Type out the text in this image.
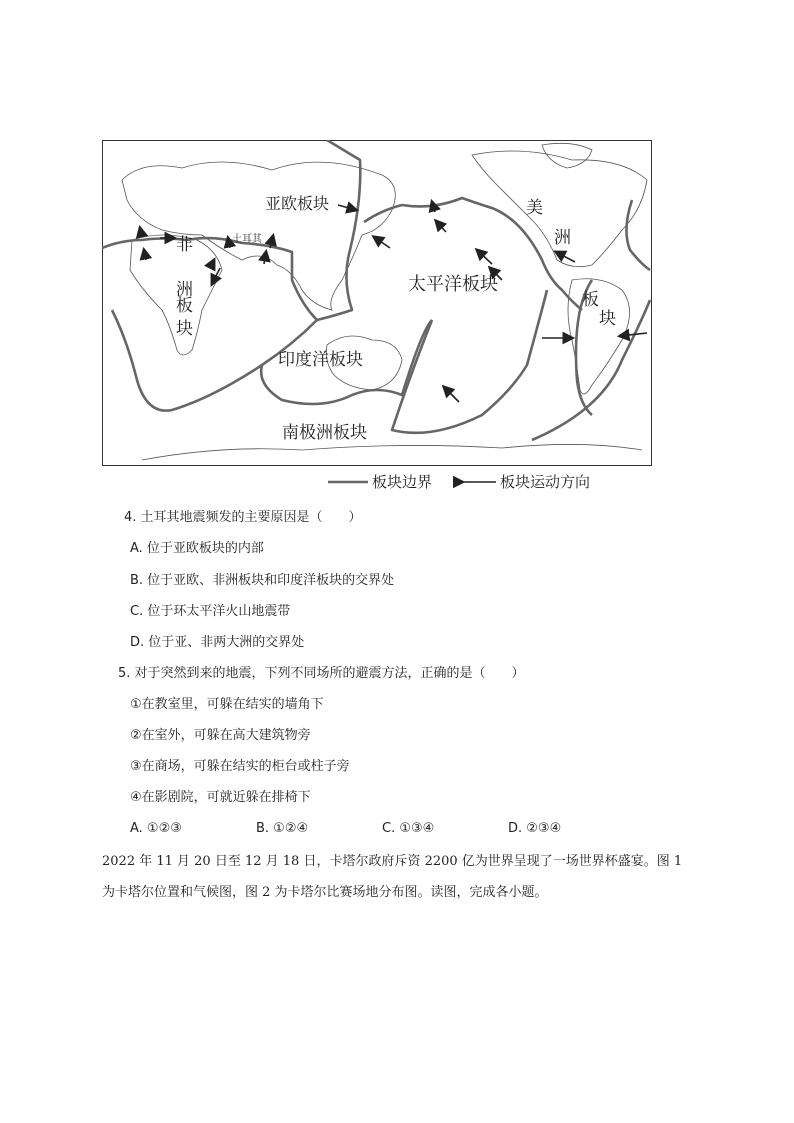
亚欧板块
土耳其
非
洲
板
块
太平洋板块
美
洲
板
块
印度洋板块
南极洲板块
板块边界	板块运动方向
4. 土耳其地震频发的主要原因是（　　）
A. 位于亚欧板块的内部
B. 位于亚欧、非洲板块和印度洋板块的交界处
C. 位于环太平洋火山地震带
D. 位于亚、非两大洲的交界处
5. 对于突然到来的地震，下列不同场所的避震方法，正确的是（　　）
①在教室里，可躲在结实的墙角下
②在室外，可躲在高大建筑物旁
③在商场，可躲在结实的柜台或柱子旁
④在影剧院，可就近躲在排椅下
A. ①②③	B. ①②④	C. ①③④	D. ②③④
2022 年 11 月 20 日至 12 月 18 日，卡塔尔政府斥资 2200 亿为世界呈现了一场世界杯盛宴。图 1
为卡塔尔位置和气候图，图 2 为卡塔尔比赛场地分布图。读图，完成各小题。
